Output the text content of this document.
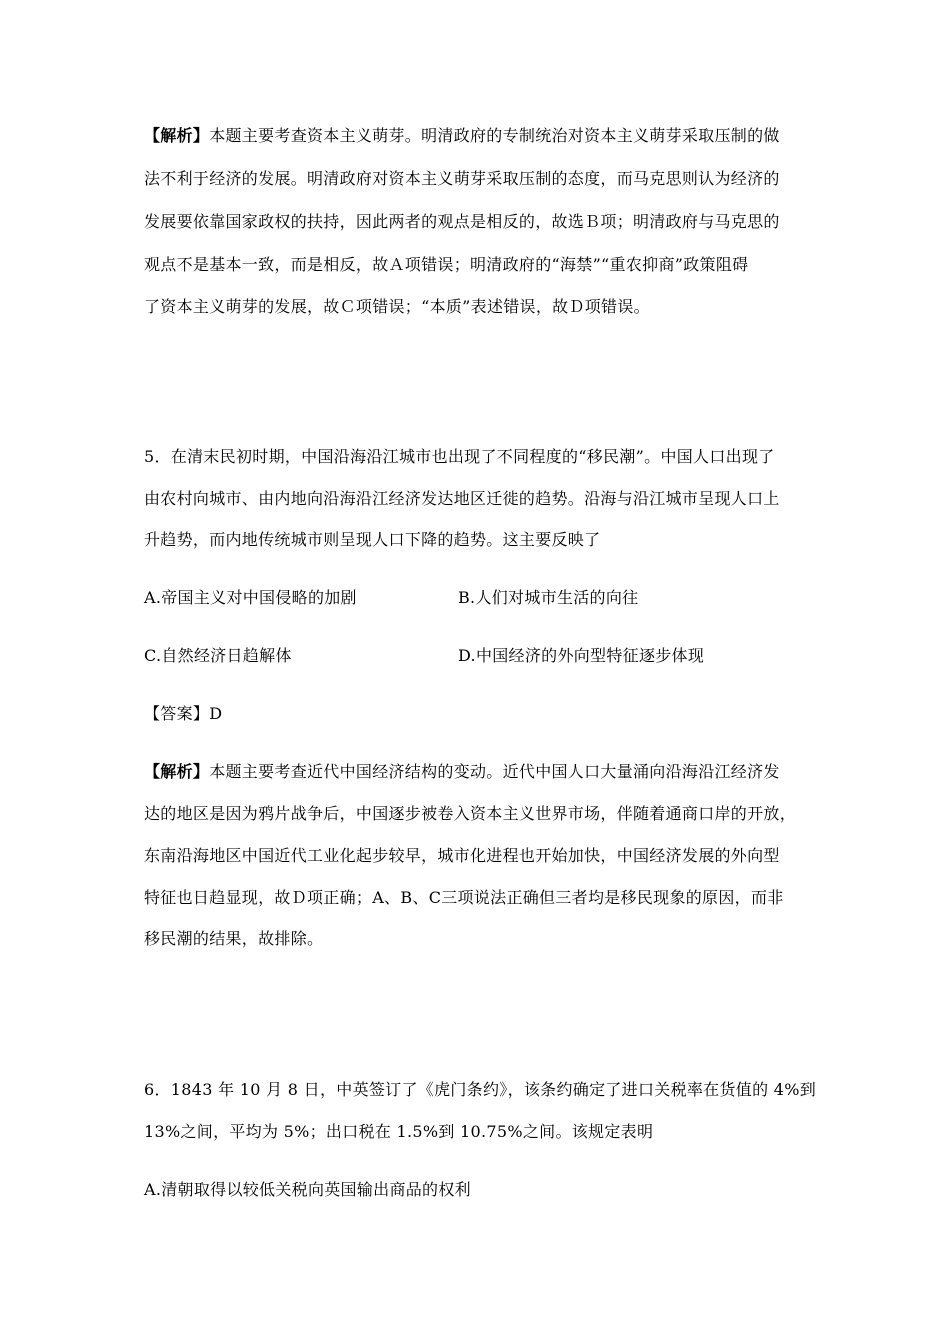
【解析】本题主要考查资本主义萌芽。明清政府的专制统治对资本主义萌芽采取压制的做
法不利于经济的发展。明清政府对资本主义萌芽采取压制的态度，而马克思则认为经济的
发展要依靠国家政权的扶持，因此两者的观点是相反的，故选Ｂ项；明清政府与马克思的
观点不是基本一致，而是相反，故Ａ项错误；明清政府的“海禁”“重农抑商”政策阻碍
了资本主义萌芽的发展，故Ｃ项错误；“本质”表述错误，故Ｄ项错误。
5．在清末民初时期，中国沿海沿江城市也出现了不同程度的“移民潮”。中国人口出现了
由农村向城市、由内地向沿海沿江经济发达地区迁徙的趋势。沿海与沿江城市呈现人口上
升趋势，而内地传统城市则呈现人口下降的趋势。这主要反映了
A.帝国主义对中国侵略的加剧	B.人们对城市生活的向往
C.自然经济日趋解体	D.中国经济的外向型特征逐步体现
【答案】D
【解析】本题主要考查近代中国经济结构的变动。近代中国人口大量涌向沿海沿江经济发
达的地区是因为鸦片战争后，中国逐步被卷入资本主义世界市场，伴随着通商口岸的开放，
东南沿海地区中国近代工业化起步较早，城市化进程也开始加快，中国经济发展的外向型
特征也日趋显现，故Ｄ项正确；A、B、C三项说法正确但三者均是移民现象的原因，而非
移民潮的结果，故排除。
6．1843 年 10 月 8 日，中英签订了《虎门条约》，该条约确定了进口关税率在货值的 4%到
13%之间，平均为 5%；出口税在 1.5%到 10.75%之间。该规定表明
A.清朝取得以较低关税向英国输出商品的权利
